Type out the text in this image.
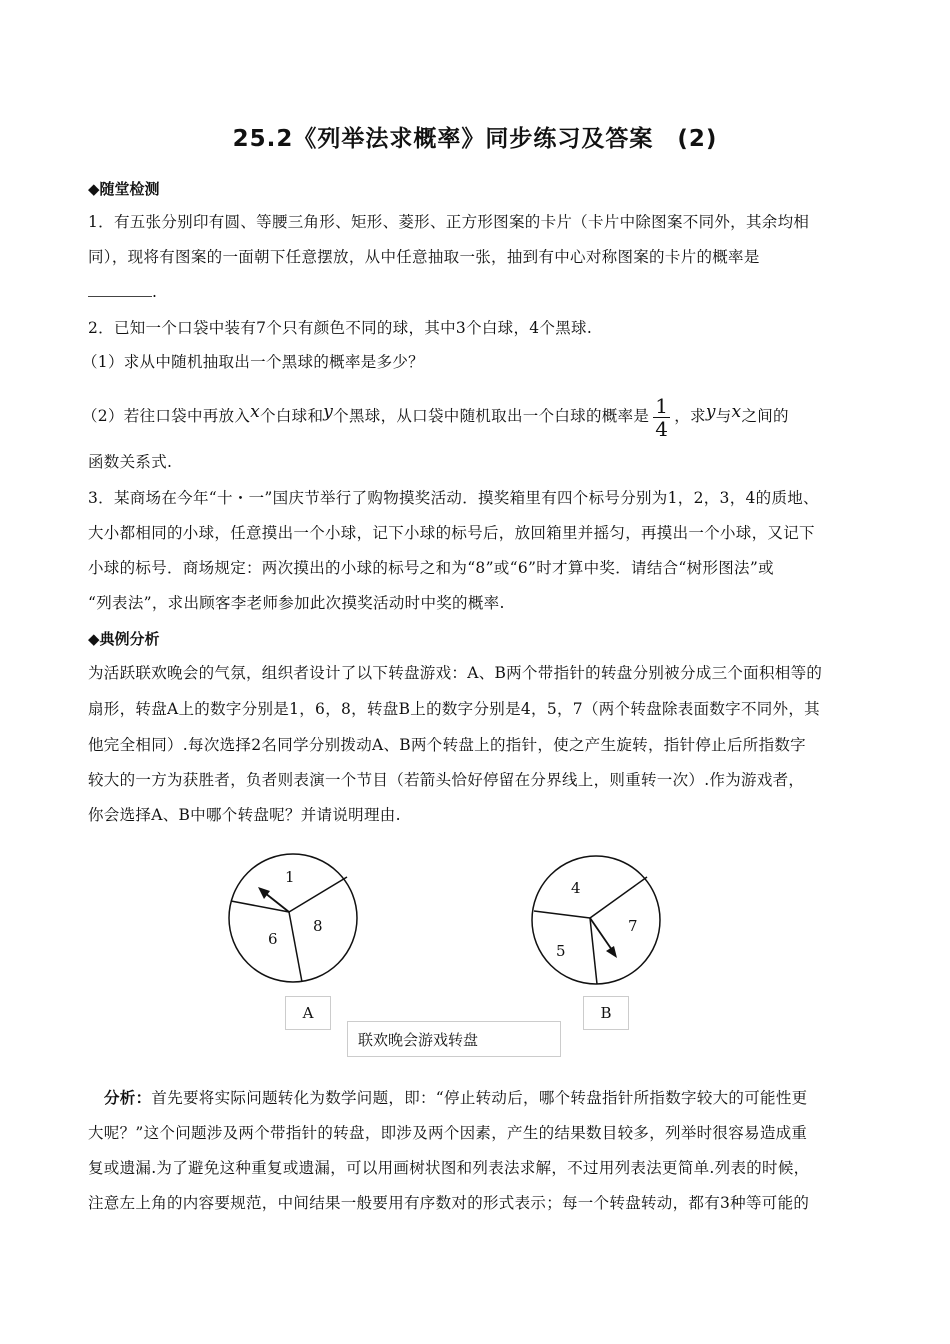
25.2《列举法求概率》同步练习及答案　(2)
◆随堂检测
1．有五张分别印有圆、等腰三角形、矩形、菱形、正方形图案的卡片（卡片中除图案不同外，其余均相
同），现将有图案的一面朝下任意摆放，从中任意抽取一张，抽到有中心对称图案的卡片的概率是
.
2．已知一个口袋中装有7个只有颜色不同的球，其中3个白球，4个黑球.
（1）求从中随机抽取出一个黑球的概率是多少？
（2）若往口袋中再放入x个白球和y个黑球，从口袋中随机取出一个白球的概率是 $\frac{1}{4}$ ，求y与x之间的
函数关系式.
3．某商场在今年“十・一”国庆节举行了购物摸奖活动．摸奖箱里有四个标号分别为1，2，3，4的质地、
大小都相同的小球，任意摸出一个小球，记下小球的标号后，放回箱里并摇匀，再摸出一个小球，又记下
小球的标号．商场规定：两次摸出的小球的标号之和为“8”或“6”时才算中奖．请结合“树形图法”或
“列表法”，求出顾客李老师参加此次摸奖活动时中奖的概率.
◆典例分析
为活跃联欢晚会的气氛，组织者设计了以下转盘游戏：A、B两个带指针的转盘分别被分成三个面积相等的
扇形，转盘A上的数字分别是1，6，8，转盘B上的数字分别是4，5，7（两个转盘除表面数字不同外，其
他完全相同）.每次选择2名同学分别拨动A、B两个转盘上的指针，使之产生旋转，指针停止后所指数字
较大的一方为获胜者，负者则表演一个节目（若箭头恰好停留在分界线上，则重转一次）.作为游戏者，
你会选择A、B中哪个转盘呢？并请说明理由.
1
6
8
4
5
7
A	B
联欢晚会游戏转盘
分析：首先要将实际问题转化为数学问题，即：“停止转动后，哪个转盘指针所指数字较大的可能性更
大呢？”这个问题涉及两个带指针的转盘，即涉及两个因素，产生的结果数目较多，列举时很容易造成重
复或遗漏.为了避免这种重复或遗漏，可以用画树状图和列表法求解，不过用列表法更简单.列表的时候，
注意左上角的内容要规范，中间结果一般要用有序数对的形式表示；每一个转盘转动，都有3种等可能的
